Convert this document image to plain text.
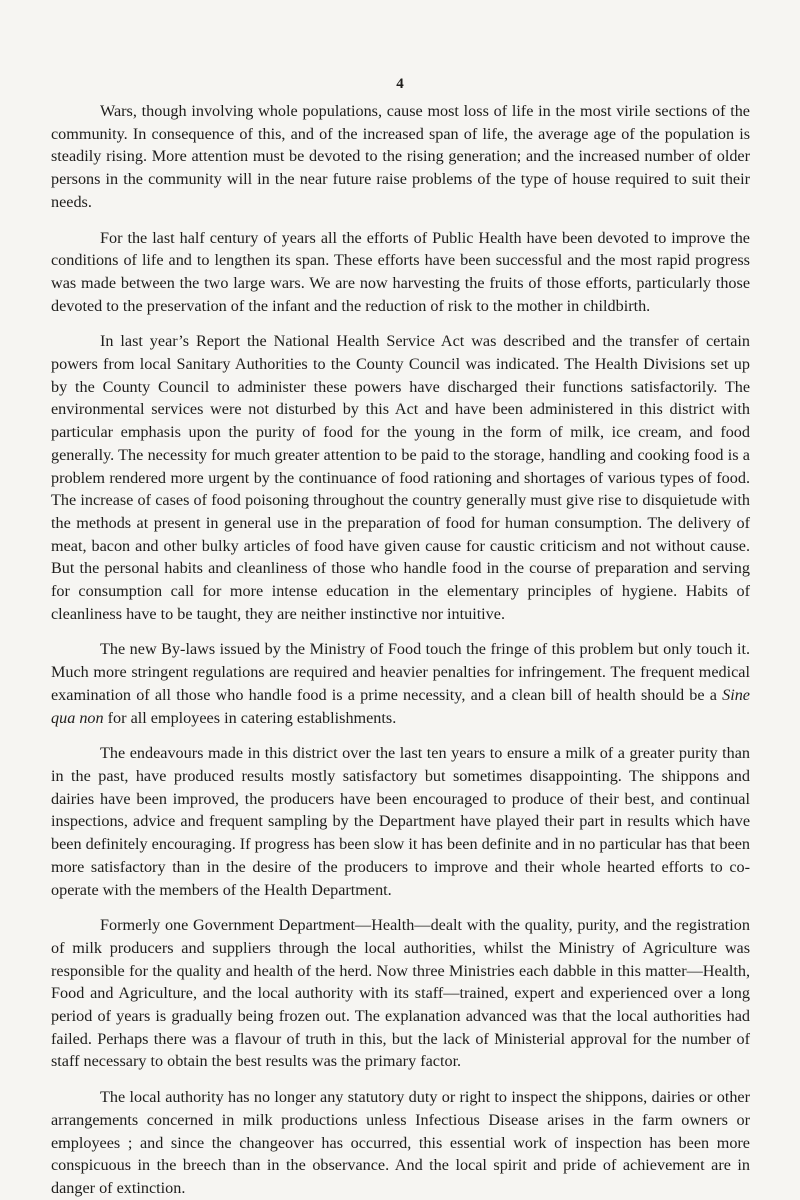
4

Wars, though involving whole populations, cause most loss of life in the most virile sections of the community. In consequence of this, and of the increased span of life, the average age of the population is steadily rising. More attention must be devoted to the rising generation; and the increased number of older persons in the community will in the near future raise problems of the type of house required to suit their needs.

For the last half century of years all the efforts of Public Health have been devoted to improve the conditions of life and to lengthen its span. These efforts have been successful and the most rapid progress was made between the two large wars. We are now harvesting the fruits of those efforts, particularly those devoted to the preservation of the infant and the reduction of risk to the mother in childbirth.

In last year’s Report the National Health Service Act was described and the transfer of certain powers from local Sanitary Authorities to the County Council was indicated. The Health Divisions set up by the County Council to administer these powers have discharged their functions satisfactorily. The environmental services were not disturbed by this Act and have been administered in this district with particular emphasis upon the purity of food for the young in the form of milk, ice cream, and food generally. The necessity for much greater attention to be paid to the storage, handling and cooking food is a problem rendered more urgent by the continuance of food rationing and shortages of various types of food. The increase of cases of food poisoning throughout the country generally must give rise to disquietude with the methods at present in general use in the preparation of food for human consumption. The delivery of meat, bacon and other bulky articles of food have given cause for caustic criticism and not without cause. But the personal habits and cleanliness of those who handle food in the course of preparation and serving for consumption call for more intense education in the elementary principles of hygiene. Habits of cleanliness have to be taught, they are neither instinctive nor intuitive.

The new By-laws issued by the Ministry of Food touch the fringe of this problem but only touch it. Much more stringent regulations are required and heavier penalties for infringement. The frequent medical examination of all those who handle food is a prime necessity, and a clean bill of health should be a Sine qua non for all employees in catering establishments.

The endeavours made in this district over the last ten years to ensure a milk of a greater purity than in the past, have produced results mostly satisfactory but sometimes disappointing. The shippons and dairies have been improved, the producers have been encouraged to produce of their best, and continual inspections, advice and frequent sampling by the Department have played their part in results which have been definitely encouraging. If progress has been slow it has been definite and in no particular has that been more satisfactory than in the desire of the producers to improve and their whole hearted efforts to co-operate with the members of the Health Department.

Formerly one Government Department—Health—dealt with the quality, purity, and the registration of milk producers and suppliers through the local authorities, whilst the Ministry of Agriculture was responsible for the quality and health of the herd. Now three Ministries each dabble in this matter—Health, Food and Agriculture, and the local authority with its staff—trained, expert and experienced over a long period of years is gradually being frozen out. The explanation advanced was that the local authorities had failed. Perhaps there was a flavour of truth in this, but the lack of Ministerial approval for the number of staff necessary to obtain the best results was the primary factor.

The local authority has no longer any statutory duty or right to inspect the shippons, dairies or other arrangements concerned in milk productions unless Infectious Disease arises in the farm owners or employees ; and since the changeover has occurred, this essential work of inspection has been more conspicuous in the breech than in the observance. And the local spirit and pride of achievement are in danger of extinction.
